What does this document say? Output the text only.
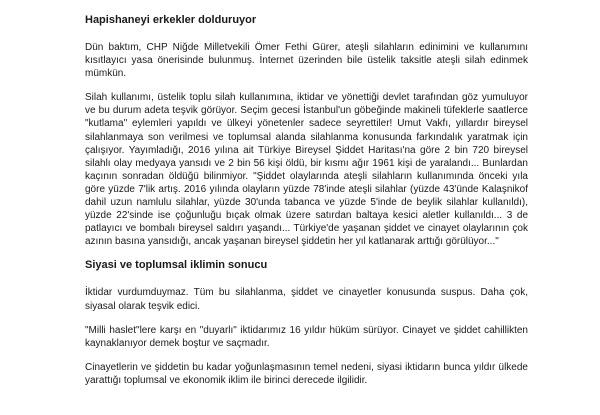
Hapishaneyi erkekler dolduruyor

Dün baktım, CHP Niğde Milletvekili Ömer Fethi Gürer, ateşli silahların edinimini ve kullanımını kısıtlayıcı yasa önerisinde bulunmuş. İnternet üzerinden bile üstelik taksitle ateşli silah edinmek mümkün.

Silah kullanımı, üstelik toplu silah kullanımına, iktidar ve yönettiği devlet tarafından göz yumuluyor ve bu durum adeta teşvik görüyor. Seçim gecesi İstanbul'un göbeğinde makineli tüfeklerle saatlerce "kutlama" eylemleri yapıldı ve ülkeyi yönetenler sadece seyrettiler! Umut Vakfı, yıllardır bireysel silahlanmaya son verilmesi ve toplumsal alanda silahlanma konusunda farkındalık yaratmak için çalışıyor. Yayımladığı, 2016 yılına ait Türkiye Bireysel Şiddet Haritası'na göre 2 bin 720 bireysel silahlı olay medyaya yansıdı ve 2 bin 56 kişi öldü, bir kısmı ağır 1961 kişi de yaralandı... Bunlardan kaçının sonradan öldüğü bilinmiyor. "Şiddet olaylarında ateşli silahların kullanımında önceki yıla göre yüzde 7'lik artış. 2016 yılında olayların yüzde 78'inde ateşli silahlar (yüzde 43'ünde Kalaşnikof dahil uzun namlulu silahlar, yüzde 30'unda tabanca ve yüzde 5'inde de beylik silahlar kullanıldı), yüzde 22'sinde ise çoğunluğu bıçak olmak üzere satırdan baltaya kesici aletler kullanıldı... 3 de patlayıcı ve bombalı bireysel saldırı yaşandı... Türkiye'de yaşanan şiddet ve cinayet olaylarının çok azının basına yansıdığı, ancak yaşanan bireysel şiddetin her yıl katlanarak arttığı görülüyor..."

Siyasi ve toplumsal iklimin sonucu

İktidar vurdumduymaz. Tüm bu silahlanma, şiddet ve cinayetler konusunda suspus. Daha çok, siyasal olarak teşvik edici.

"Milli haslet"lere karşı en "duyarlı" iktidarımız 16 yıldır hüküm sürüyor. Cinayet ve şiddet cahillikten kaynaklanıyor demek boştur ve saçmadır.

Cinayetlerin ve şiddetin bu kadar yoğunlaşmasının temel nedeni, siyasi iktidarın bunca yıldır ülkede yarattığı toplumsal ve ekonomik iklim ile birinci derecede ilgilidir.
